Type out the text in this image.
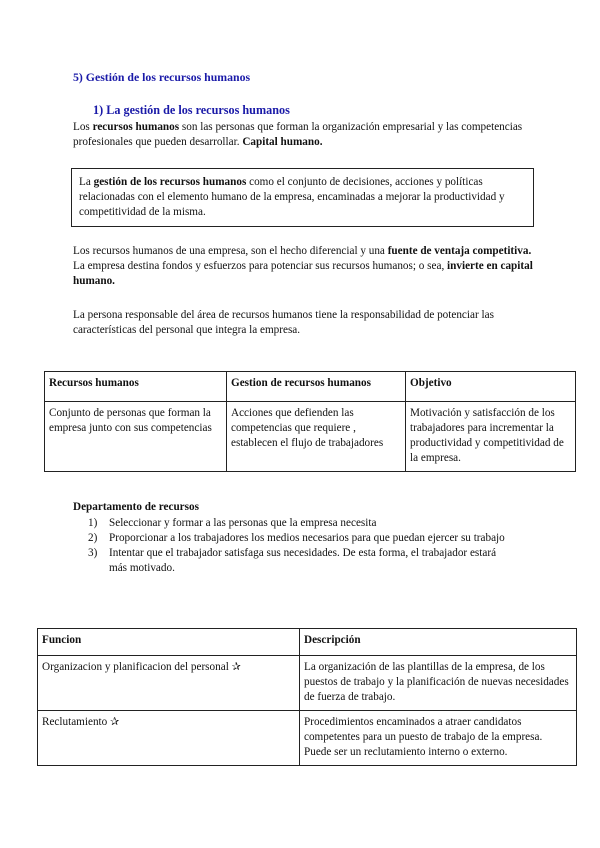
5) Gestión de los recursos humanos
1) La gestión de los recursos humanos
Los recursos humanos son las personas que forman la organización empresarial y las competencias profesionales que pueden desarrollar. Capital humano.
La gestión de los recursos humanos como el conjunto de decisiones, acciones y políticas relacionadas con el elemento humano de la empresa, encaminadas a mejorar la productividad y competitividad de la misma.
Los recursos humanos de una empresa, son el hecho diferencial y una fuente de ventaja competitiva. La empresa destina fondos y esfuerzos para potenciar sus recursos humanos; o sea, invierte en capital humano.
La persona responsable del área de recursos humanos tiene la responsabilidad de potenciar las características del personal que integra la empresa.
Recursos humanos	Gestion de recursos humanos	Objetivo
Conjunto de personas que forman la empresa junto con sus competencias	Acciones que defienden las competencias que requiere , establecen el flujo de trabajadores	Motivación y satisfacción de los trabajadores para incrementar la productividad y competitividad de la empresa.
Departamento de recursos
1)	Seleccionar y formar a las personas que la empresa necesita
2)	Proporcionar a los trabajadores los medios necesarios para que puedan ejercer su trabajo
3)	Intentar que el trabajador satisfaga sus necesidades. De esta forma, el trabajador estará más motivado.
Funcion	Descripción
Organizacion y planificacion del personal ✰	La organización de las plantillas de la empresa, de los puestos de trabajo y la planificación de nuevas necesidades de fuerza de trabajo.
Reclutamiento ✰	Procedimientos encaminados a atraer candidatos competentes para un puesto de trabajo de la empresa. Puede ser un reclutamiento interno o externo.
